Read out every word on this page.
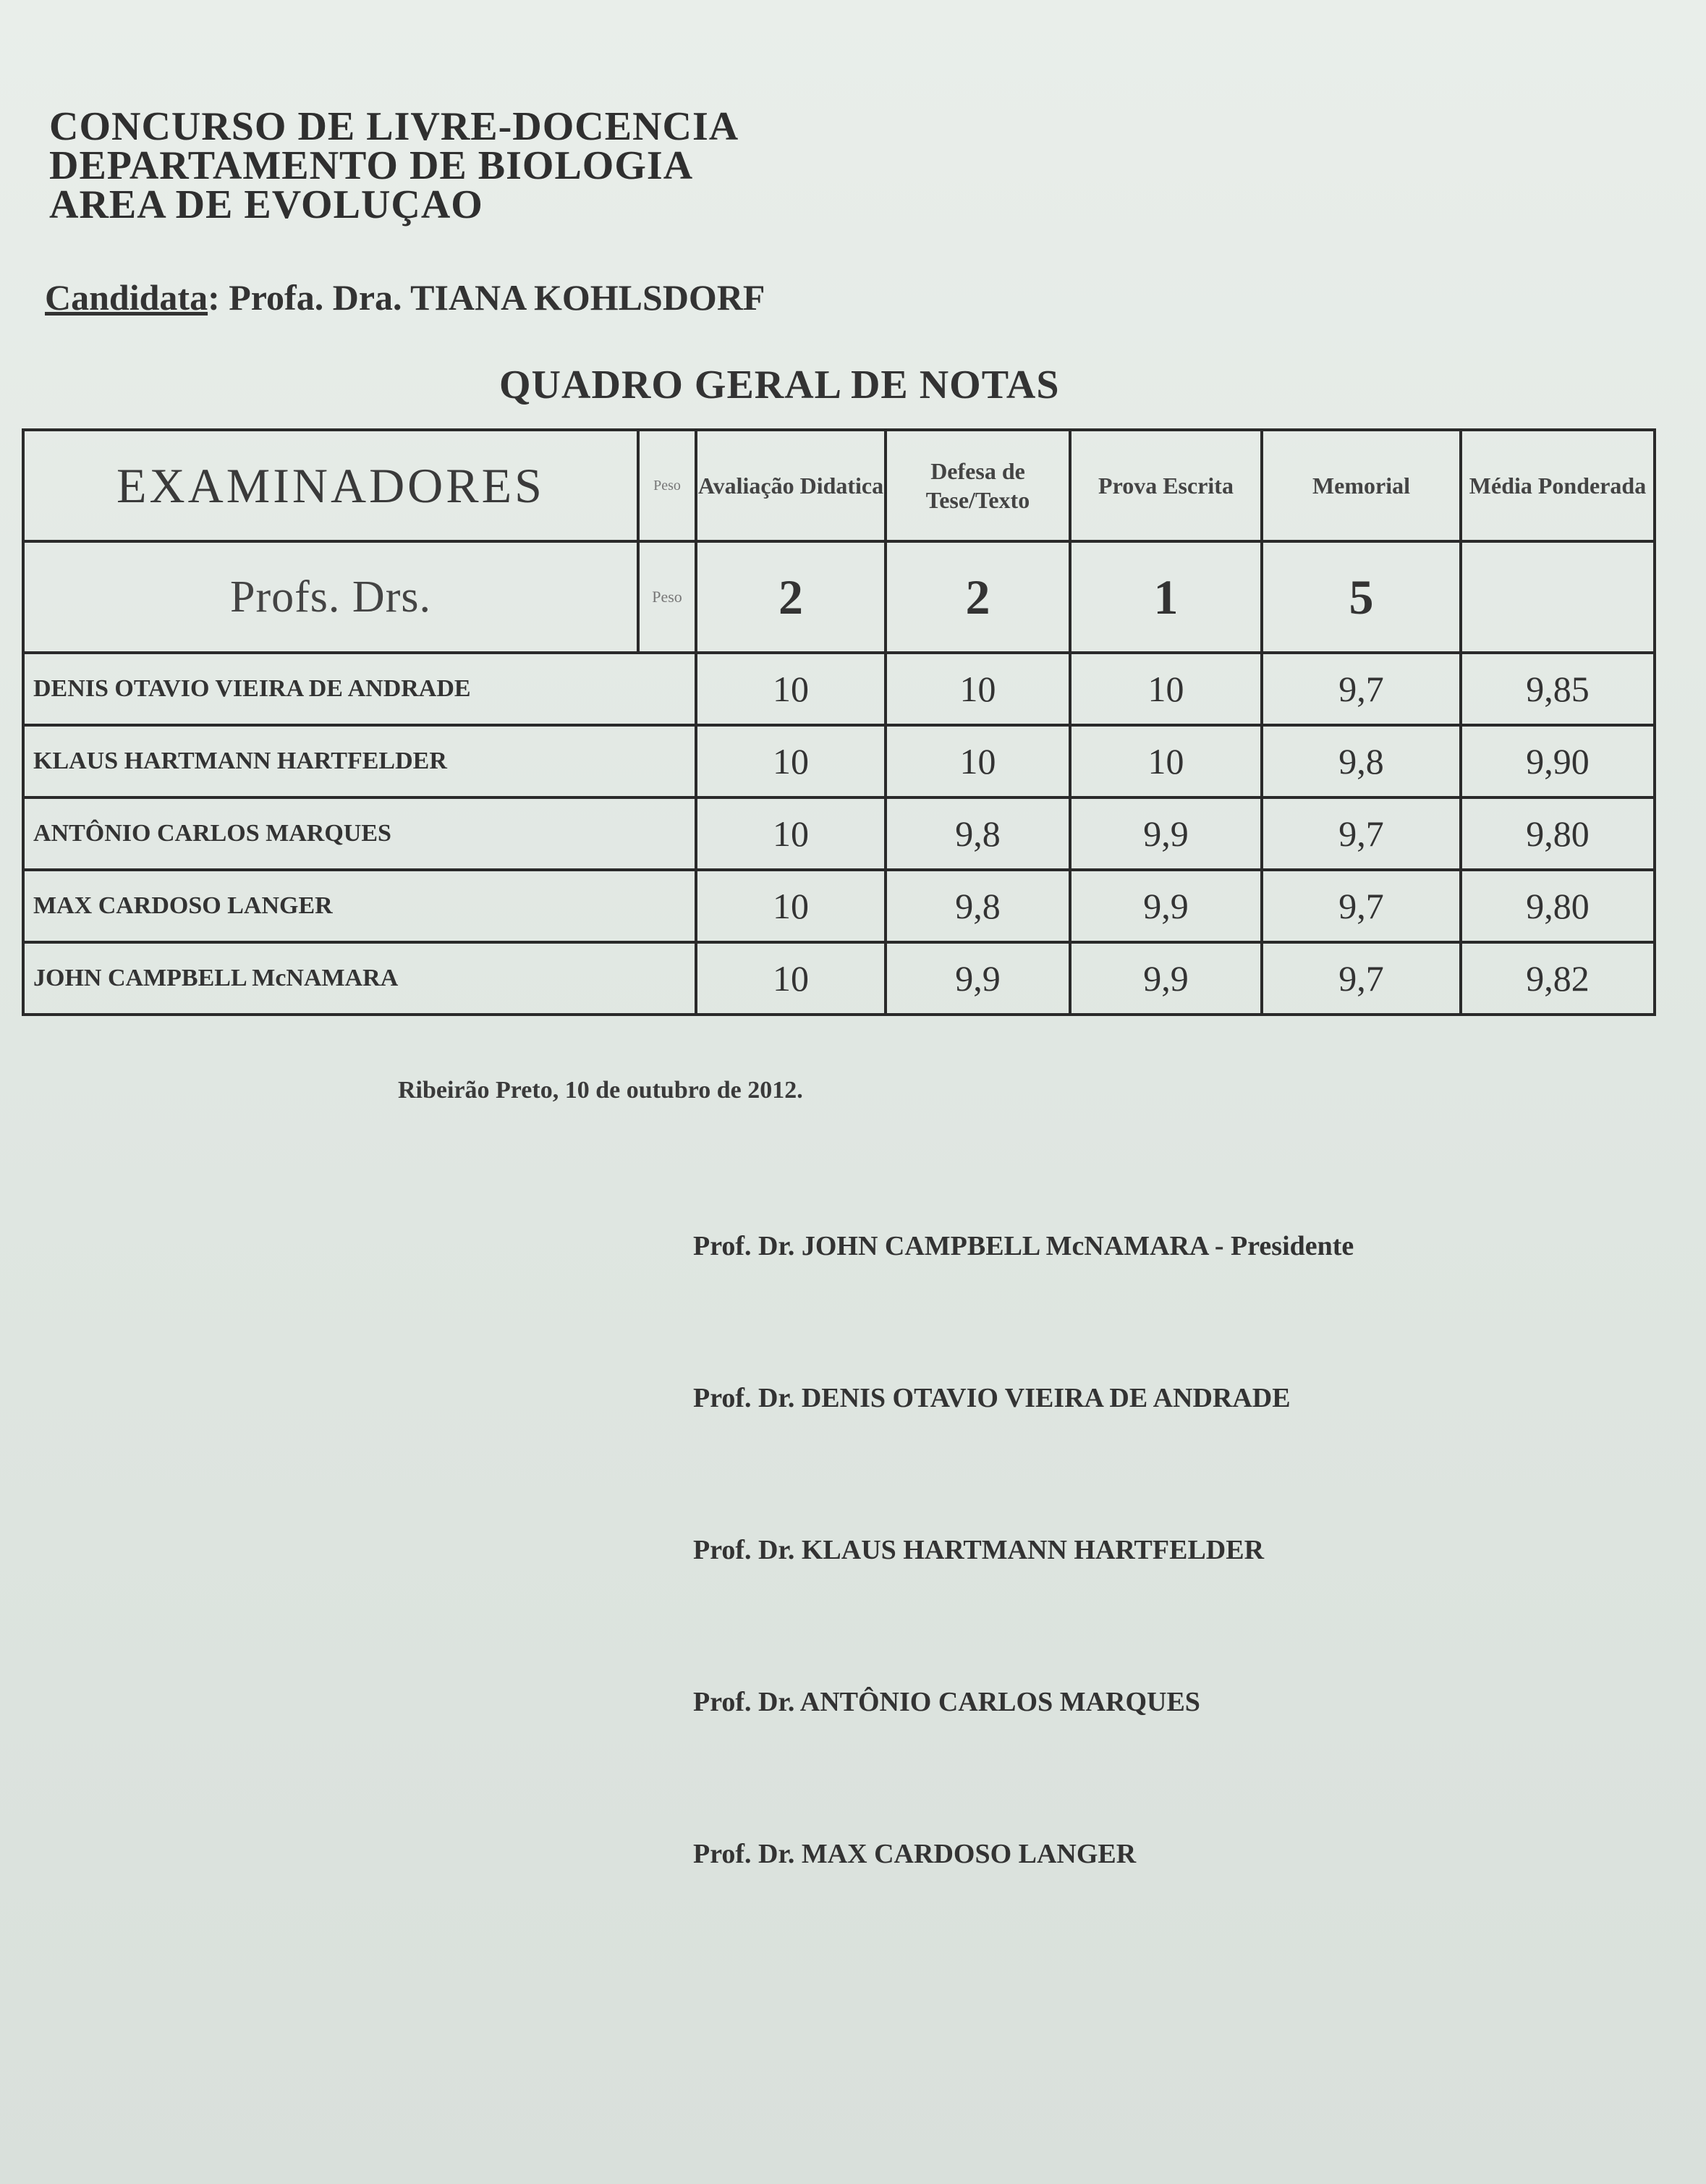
CONCURSO DE LIVRE-DOCENCIA
DEPARTAMENTO DE BIOLOGIA
AREA DE EVOLUÇAO
Candidata: Profa. Dra. TIANA KOHLSDORF
QUADRO GERAL DE NOTAS
EXAMINADORES	Peso	Avaliação Didatica	Defesa de Tese/Texto	Prova Escrita	Memorial	Média Ponderada
Profs. Drs.	Peso	2	2	1	5	
DENIS OTAVIO VIEIRA DE ANDRADE		10	10	10	9,7	9,85
KLAUS HARTMANN HARTFELDER		10	10	10	9,8	9,90
ANTÔNIO CARLOS MARQUES		10	9,8	9,9	9,7	9,80
MAX CARDOSO LANGER		10	9,8	9,9	9,7	9,80
JOHN CAMPBELL McNAMARA		10	9,9	9,9	9,7	9,82
Ribeirão Preto, 10 de outubro de 2012.
Prof. Dr. JOHN CAMPBELL McNAMARA - Presidente
Prof. Dr. DENIS OTAVIO VIEIRA DE ANDRADE
Prof. Dr. KLAUS HARTMANN HARTFELDER
Prof. Dr. ANTÔNIO CARLOS MARQUES
Prof. Dr. MAX CARDOSO LANGER
